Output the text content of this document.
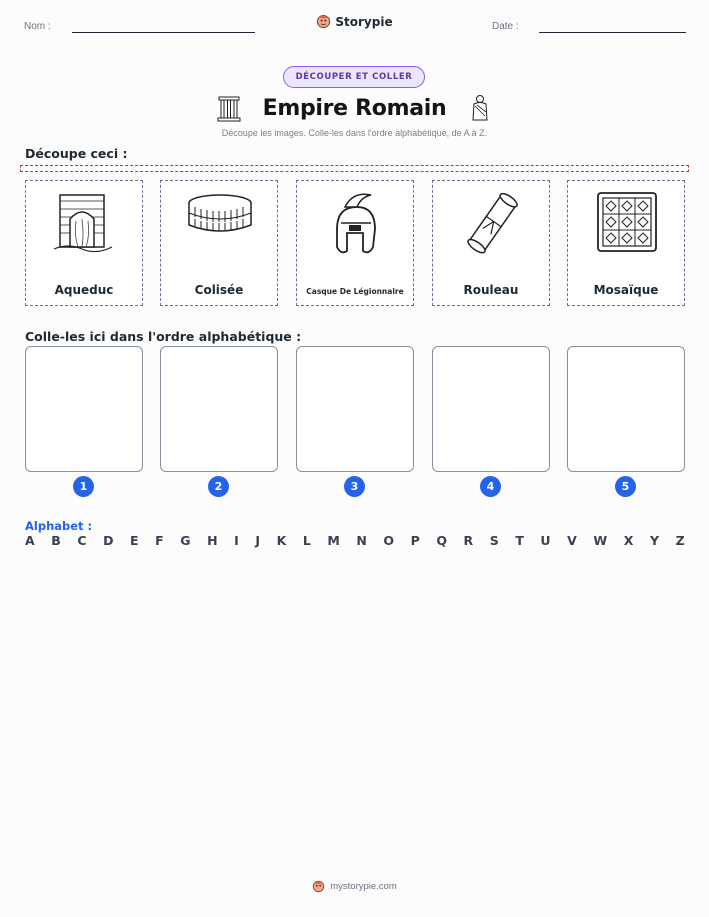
Nom :	Storypie	Date :
DÉCOUPER ET COLLER
Empire Romain
Découpe les images. Colle-les dans l'ordre alphabétique, de A à Z.
Découpe ceci :
Aqueduc	Colisée	Casque De Légionnaire	Rouleau	Mosaïque
Colle-les ici dans l'ordre alphabétique :
1	2	3	4	5
Alphabet :
A B C D E F G H I J K L M N O P Q R S T U V W X Y Z
mystorypie.com
